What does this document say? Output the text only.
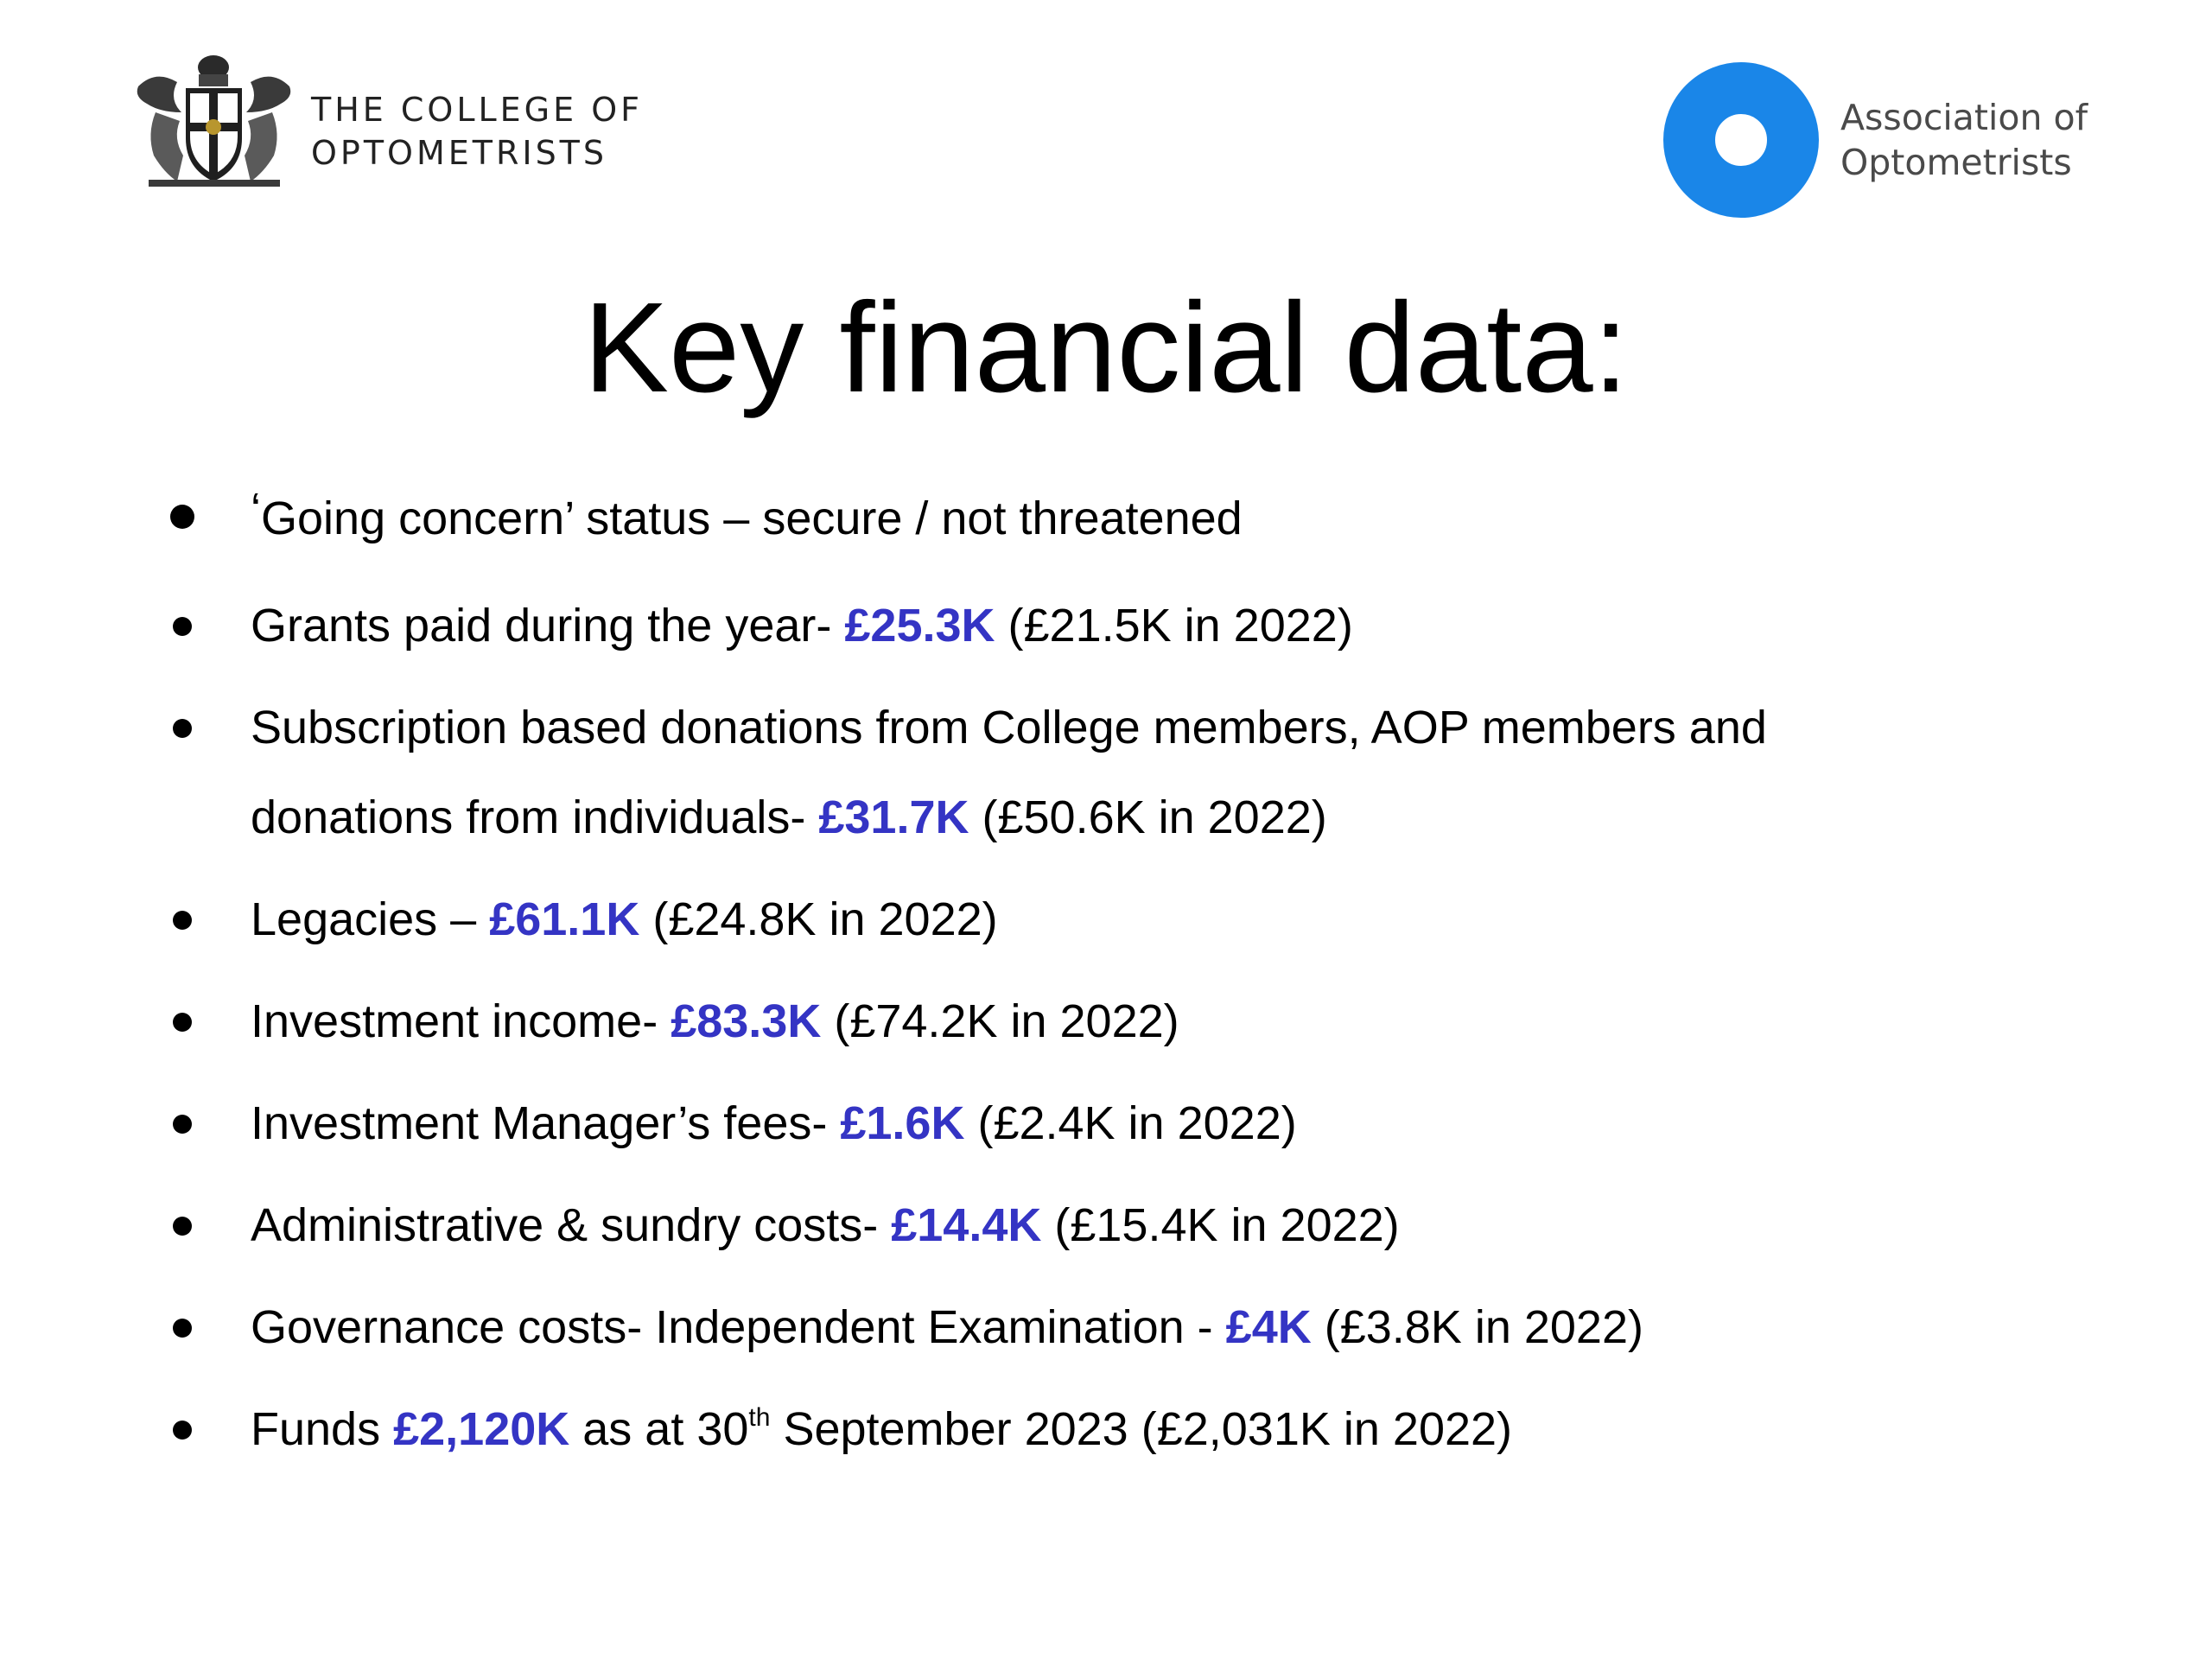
THE COLLEGE OF
OPTOMETRISTS
Association of
Optometrists
Key financial data:
‘Going concern’ status – secure / not threatened
Grants paid during the year- £25.3K (£21.5K in 2022)
Subscription based donations from College members, AOP members and
donations from individuals- £31.7K (£50.6K in 2022)
Legacies – £61.1K (£24.8K in 2022)
Investment income- £83.3K (£74.2K in 2022)
Investment Manager’s fees- £1.6K (£2.4K in 2022)
Administrative & sundry costs- £14.4K (£15.4K in 2022)
Governance costs- Independent Examination - £4K (£3.8K in 2022)
Funds £2,120K as at 30th September 2023 (£2,031K in 2022)
